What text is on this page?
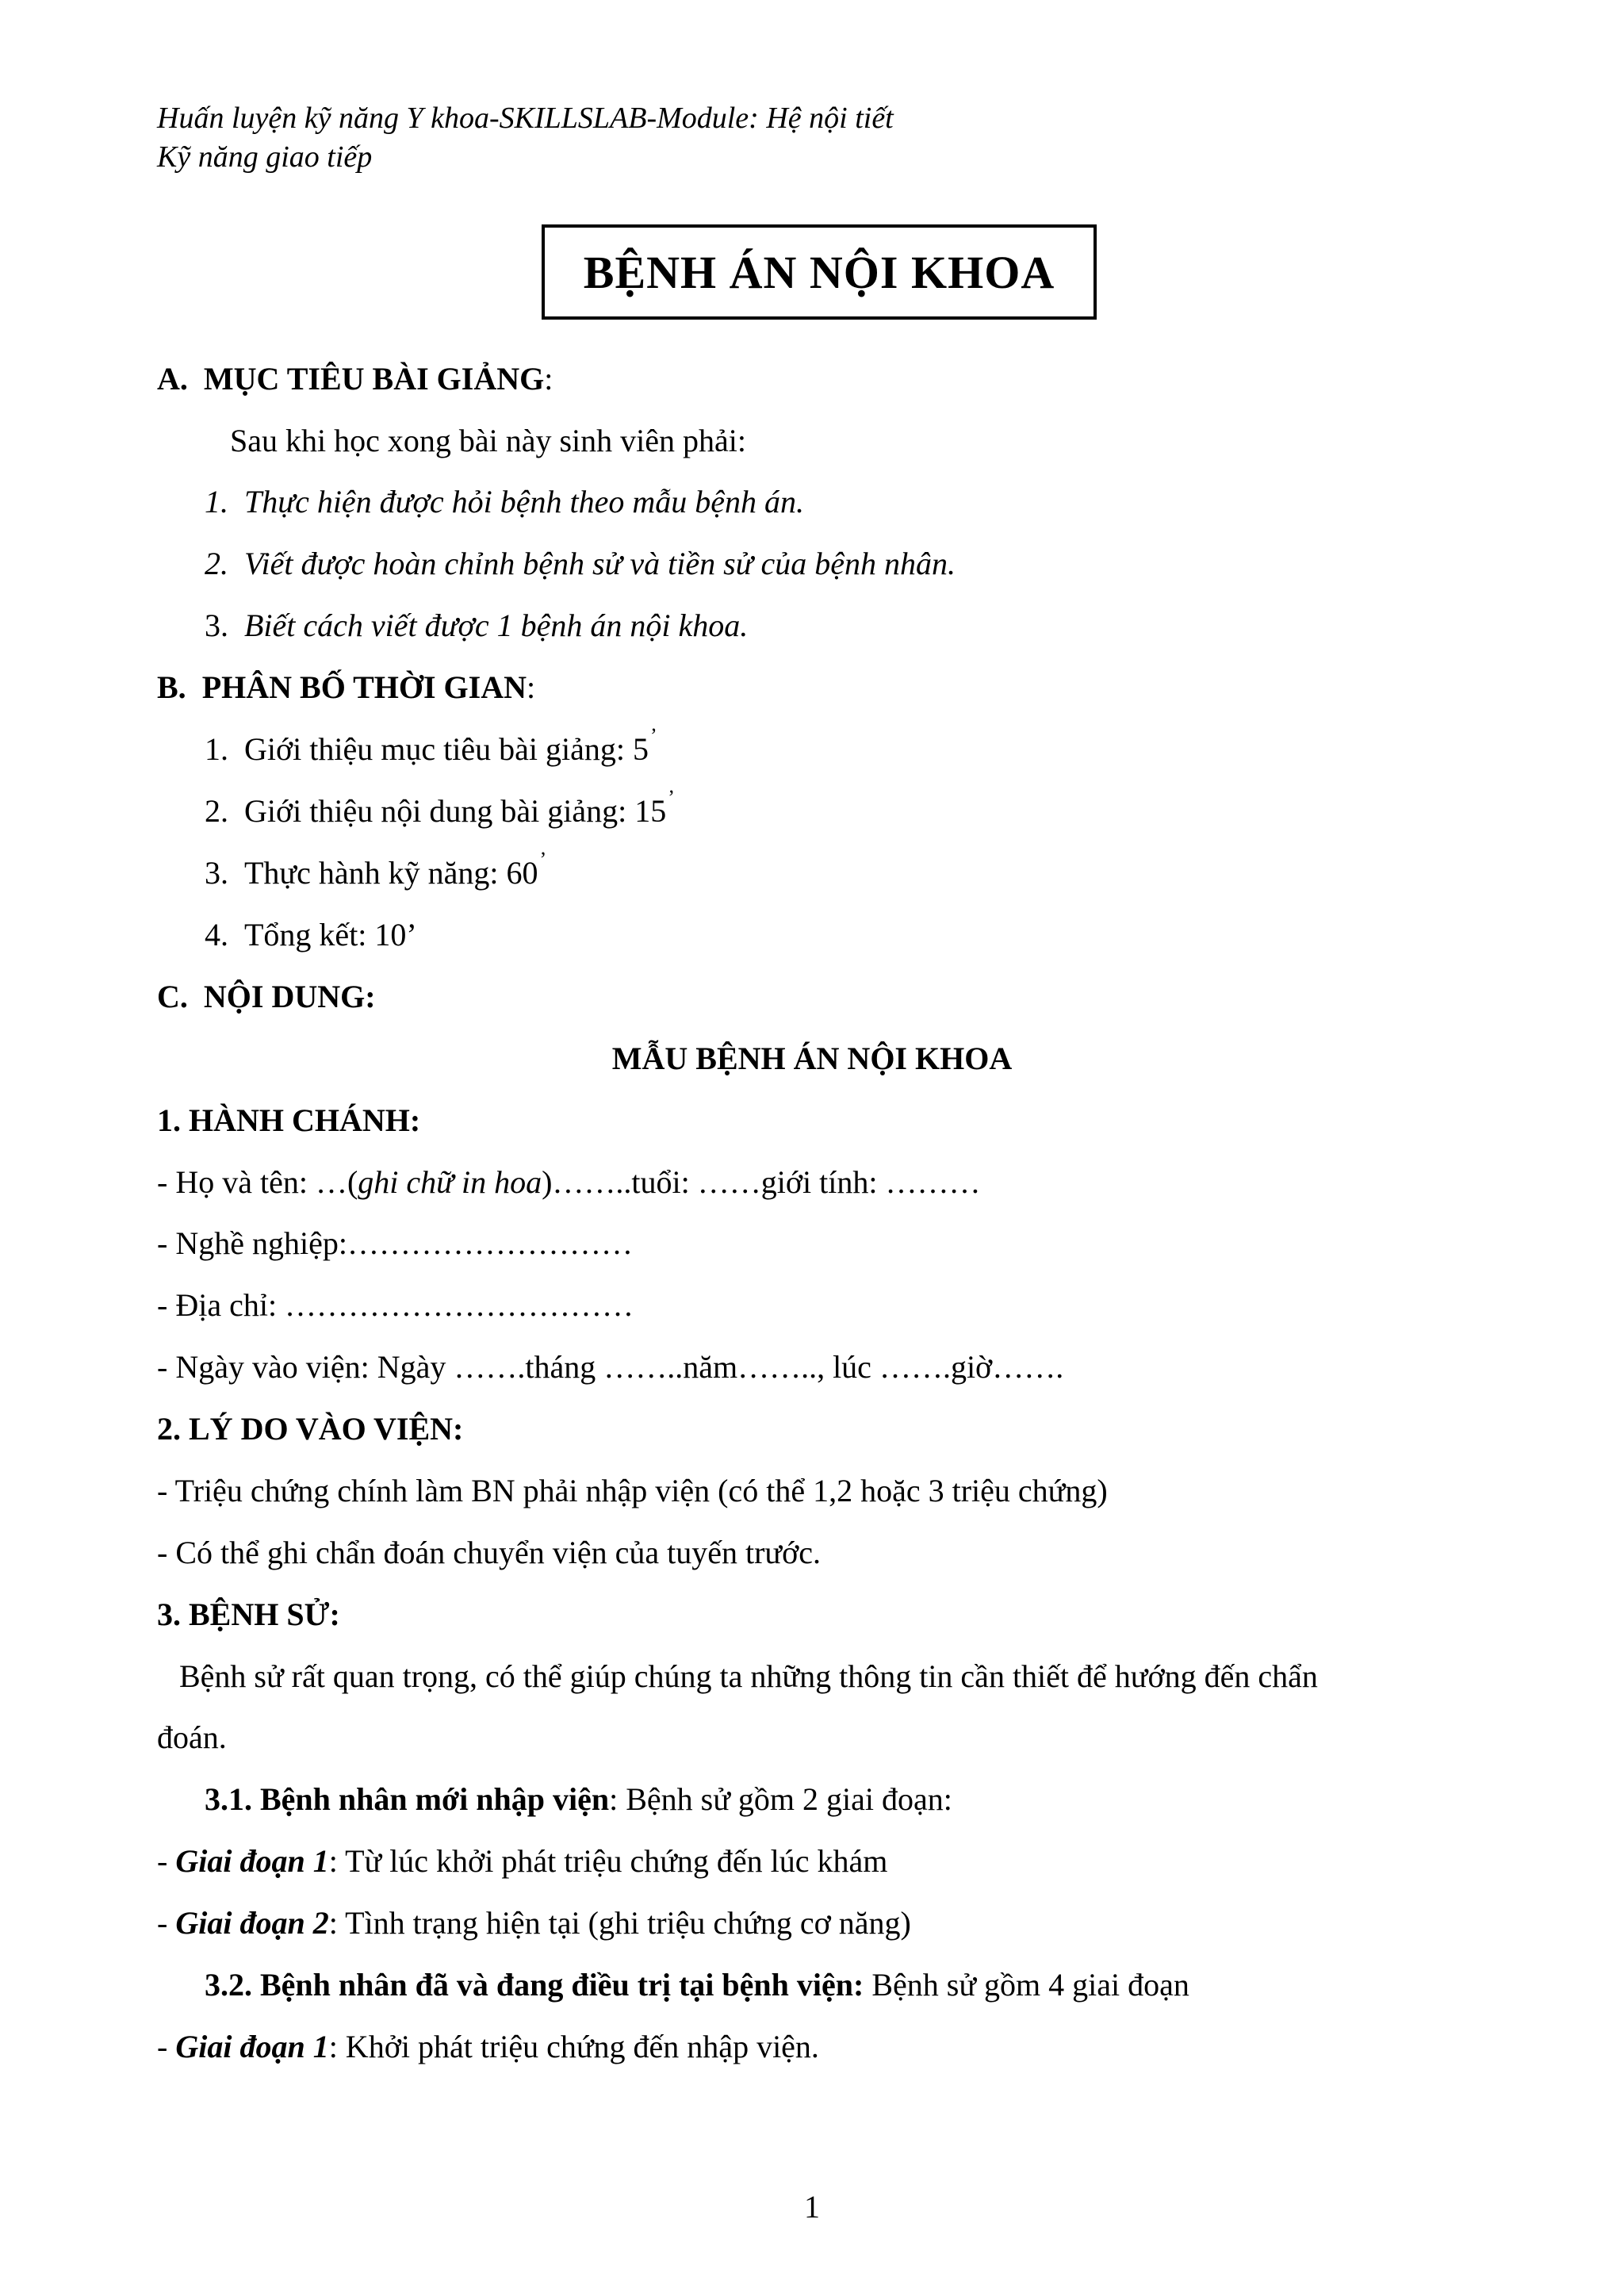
Huấn luyện kỹ năng Y khoa-SKILLSLAB-Module: Hệ nội tiết
Kỹ năng giao tiếp
BỆNH ÁN NỘI KHOA
A. MỤC TIÊU BÀI GIẢNG:
Sau khi học xong bài này sinh viên phải:
1. Thực hiện được hỏi bệnh theo mẫu bệnh án.
2. Viết được hoàn chỉnh bệnh sử và tiền sử của bệnh nhân.
3. Biết cách viết được 1 bệnh án nội khoa.
B. PHÂN BỐ THỜI GIAN:
1. Giới thiệu mục tiêu bài giảng: 5’
2. Giới thiệu nội dung bài giảng: 15’
3. Thực hành kỹ năng: 60’
4. Tổng kết: 10’
C. NỘI DUNG:
MẪU BỆNH ÁN NỘI KHOA
1. HÀNH CHÁNH:
- Họ và tên: …(ghi chữ in hoa)……..tuổi: ……giới tính: ………
- Nghề nghiệp:………………………
- Địa chỉ: ……………………………
- Ngày vào viện: Ngày …….tháng ……..năm…….., lúc …….giờ…….
2. LÝ DO VÀO VIỆN:
- Triệu chứng chính làm BN phải nhập viện (có thể 1,2 hoặc 3 triệu chứng)
- Có thể ghi chẩn đoán chuyển viện của tuyến trước.
3. BỆNH SỬ:
Bệnh sử rất quan trọng, có thể giúp chúng ta những thông tin cần thiết để hướng đến chẩn
đoán.
3.1. Bệnh nhân mới nhập viện: Bệnh sử gồm 2 giai đoạn:
- Giai đoạn 1: Từ lúc khởi phát triệu chứng đến lúc khám
- Giai đoạn 2: Tình trạng hiện tại (ghi triệu chứng cơ năng)
3.2. Bệnh nhân đã và đang điều trị tại bệnh viện: Bệnh sử gồm 4 giai đoạn
- Giai đoạn 1: Khởi phát triệu chứng đến nhập viện.
1
